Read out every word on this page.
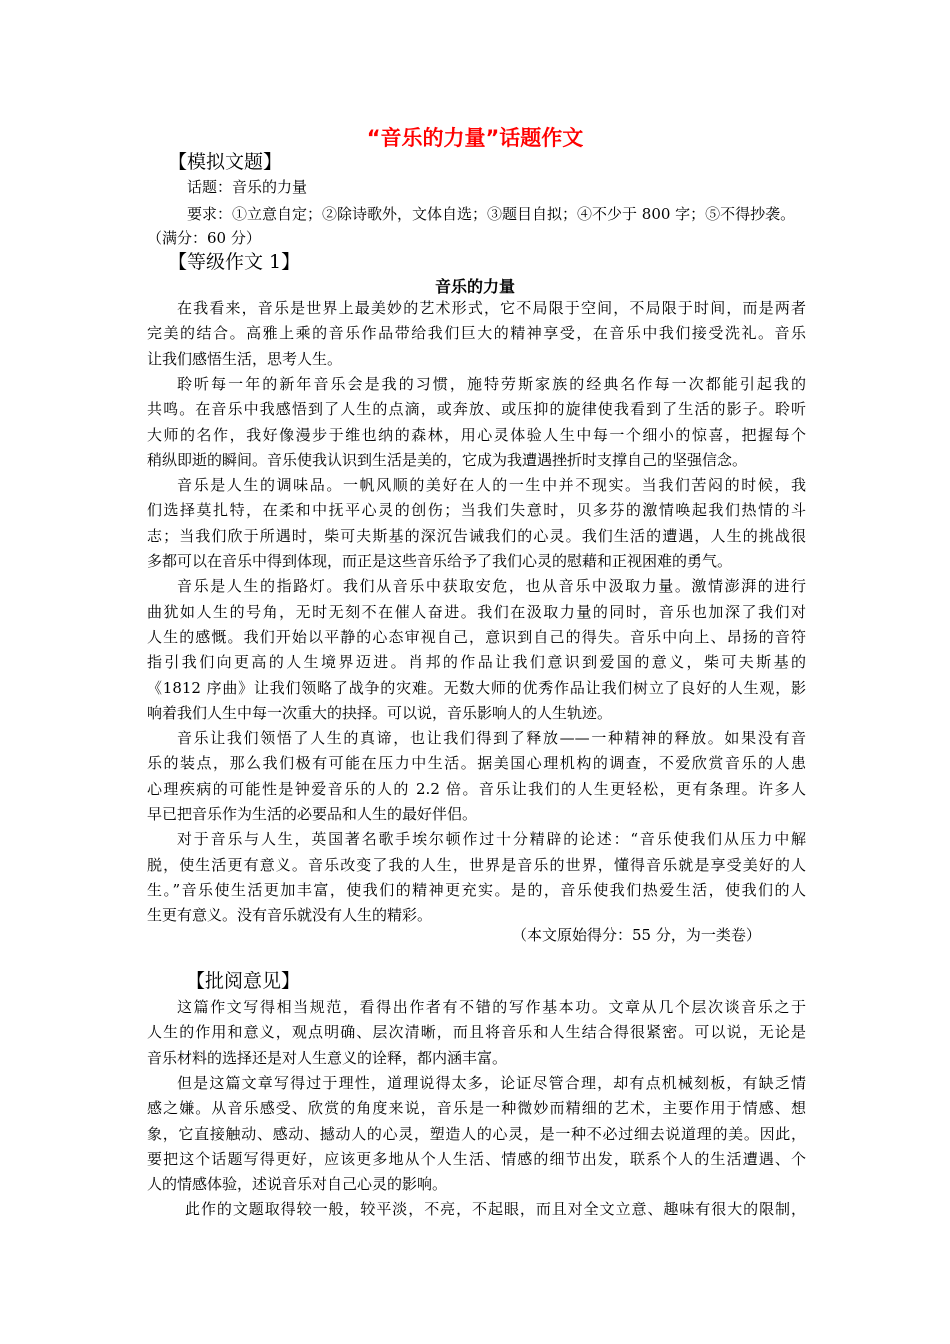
“音乐的力量”话题作文
【模拟文题】
话题：音乐的力量
要求：①立意自定；②除诗歌外，文体自选；③题目自拟；④不少于 800 字；⑤不得抄袭。
（满分：60 分）
【等级作文 1】
音乐的力量
在我看来，音乐是世界上最美妙的艺术形式，它不局限于空间，不局限于时间，而是两者
完美的结合。高雅上乘的音乐作品带给我们巨大的精神享受，在音乐中我们接受洗礼。音乐
让我们感悟生活，思考人生。
聆听每一年的新年音乐会是我的习惯，施特劳斯家族的经典名作每一次都能引起我的
共鸣。在音乐中我感悟到了人生的点滴，或奔放、或压抑的旋律使我看到了生活的影子。聆听
大师的名作，我好像漫步于维也纳的森林，用心灵体验人生中每一个细小的惊喜，把握每个
稍纵即逝的瞬间。音乐使我认识到生活是美的，它成为我遭遇挫折时支撑自己的坚强信念。
音乐是人生的调味品。一帆风顺的美好在人的一生中并不现实。当我们苦闷的时候，我
们选择莫扎特，在柔和中抚平心灵的创伤；当我们失意时，贝多芬的激情唤起我们热情的斗
志；当我们欣于所遇时，柴可夫斯基的深沉告诫我们的心灵。我们生活的遭遇，人生的挑战很
多都可以在音乐中得到体现，而正是这些音乐给予了我们心灵的慰藉和正视困难的勇气。
音乐是人生的指路灯。我们从音乐中获取安危，也从音乐中汲取力量。激情澎湃的进行
曲犹如人生的号角，无时无刻不在催人奋进。我们在汲取力量的同时，音乐也加深了我们对
人生的感慨。我们开始以平静的心态审视自己，意识到自己的得失。音乐中向上、昂扬的音符
指引我们向更高的人生境界迈进。肖邦的作品让我们意识到爱国的意义，柴可夫斯基的
《1812 序曲》让我们领略了战争的灾难。无数大师的优秀作品让我们树立了良好的人生观，影
响着我们人生中每一次重大的抉择。可以说，音乐影响人的人生轨迹。
音乐让我们领悟了人生的真谛，也让我们得到了释放——一种精神的释放。如果没有音
乐的装点，那么我们极有可能在压力中生活。据美国心理机构的调查，不爱欣赏音乐的人患
心理疾病的可能性是钟爱音乐的人的 2.2 倍。音乐让我们的人生更轻松，更有条理。许多人
早已把音乐作为生活的必要品和人生的最好伴侣。
对于音乐与人生，英国著名歌手埃尔顿作过十分精辟的论述：“音乐使我们从压力中解
脱，使生活更有意义。音乐改变了我的人生，世界是音乐的世界，懂得音乐就是享受美好的人
生。”音乐使生活更加丰富，使我们的精神更充实。是的，音乐使我们热爱生活，使我们的人
生更有意义。没有音乐就没有人生的精彩。
（本文原始得分：55 分，为一类卷）
【批阅意见】
这篇作文写得相当规范，看得出作者有不错的写作基本功。文章从几个层次谈音乐之于
人生的作用和意义，观点明确、层次清晰，而且将音乐和人生结合得很紧密。可以说，无论是
音乐材料的选择还是对人生意义的诠释，都内涵丰富。
但是这篇文章写得过于理性，道理说得太多，论证尽管合理，却有点机械刻板，有缺乏情
感之嫌。从音乐感受、欣赏的角度来说，音乐是一种微妙而精细的艺术，主要作用于情感、想
象，它直接触动、感动、撼动人的心灵，塑造人的心灵，是一种不必过细去说道理的美。因此，
要把这个话题写得更好，应该更多地从个人生活、情感的细节出发，联系个人的生活遭遇、个
人的情感体验，述说音乐对自己心灵的影响。
此作的文题取得较一般，较平淡，不亮，不起眼，而且对全文立意、趣味有很大的限制，
